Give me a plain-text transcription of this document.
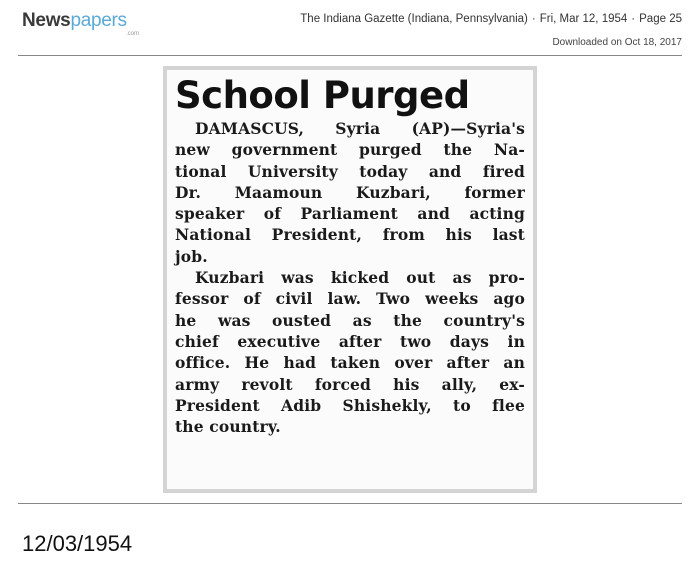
Newspapers
.com
The Indiana Gazette (Indiana, Pennsylvania) · Fri, Mar 12, 1954 · Page 25
Downloaded on Oct 18, 2017
School Purged
DAMASCUS, Syria (AP)—Syria's
new government purged the Na-
tional University today and fired
Dr. Maamoun Kuzbari, former
speaker of Parliament and acting
National President, from his last
job.
Kuzbari was kicked out as pro-
fessor of civil law. Two weeks ago
he was ousted as the country's
chief executive after two days in
office. He had taken over after an
army revolt forced his ally, ex-
President Adib Shishekly, to flee
the country.
12/03/1954
